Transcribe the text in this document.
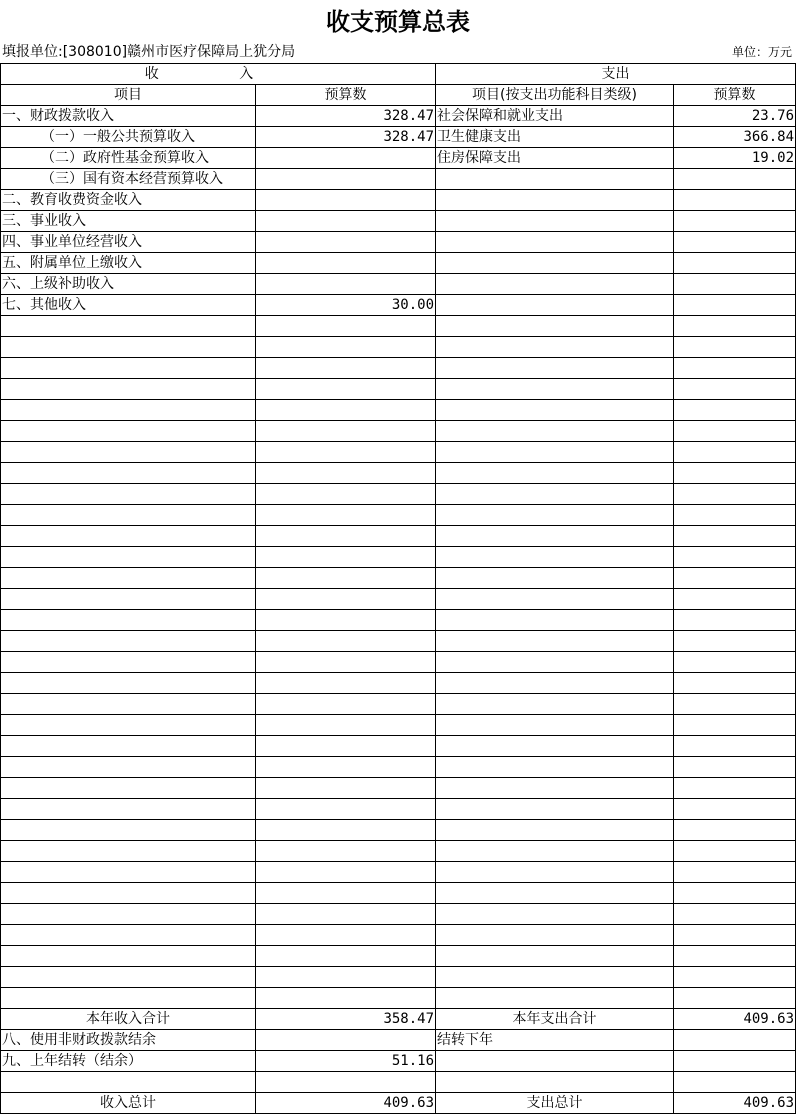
收支预算总表
填报单位:[308010]赣州市医疗保障局上犹分局	单位：万元
收 入		支出	
项目	预算数	项目(按支出功能科目类级)	预算数
一、财政拨款收入	328.47	社会保障和就业支出	23.76
（一）一般公共预算收入	328.47	卫生健康支出	366.84
（二）政府性基金预算收入		住房保障支出	19.02
（三）国有资本经营预算收入			
二、教育收费资金收入			
三、事业收入			
四、事业单位经营收入			
五、附属单位上缴收入			
六、上级补助收入			
七、其他收入	30.00		

本年收入合计	358.47	本年支出合计	409.63
八、使用非财政拨款结余		结转下年	
九、上年结转（结余）	51.16		

收入总计	409.63	支出总计	409.63
